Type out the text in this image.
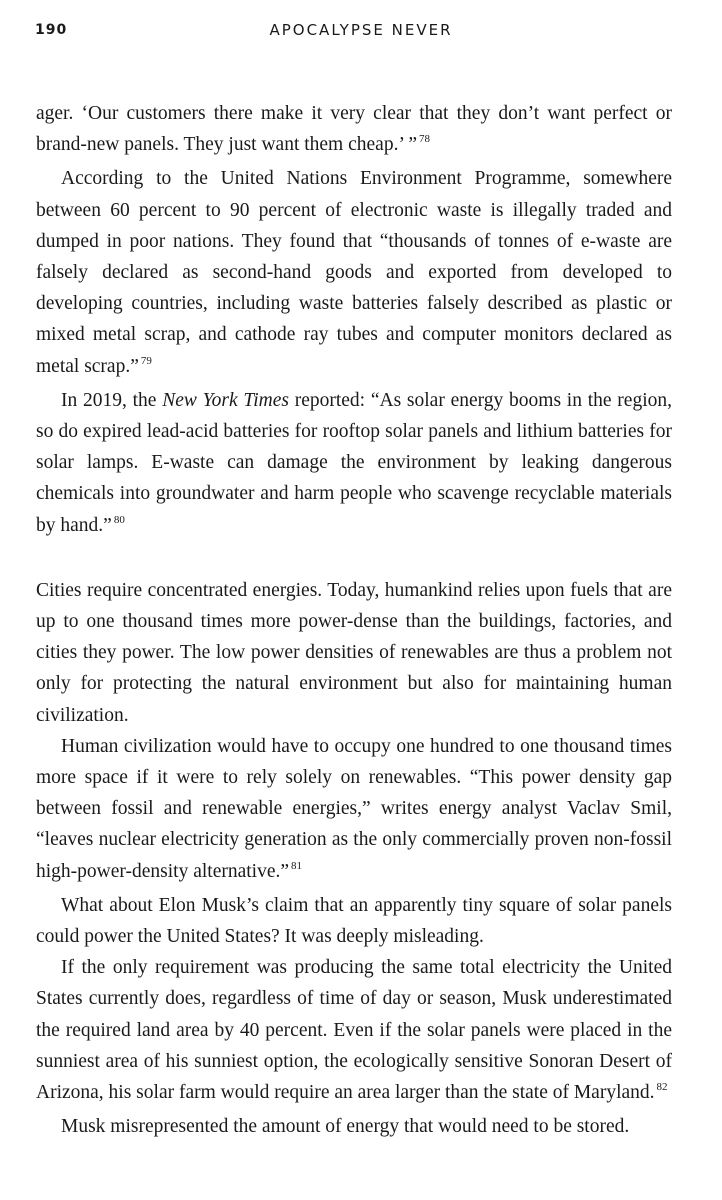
190	APOCALYPSE NEVER

ager. ‘Our customers there make it very clear that they don’t want perfect or brand-new panels. They just want them cheap.’ ” $^{78}$

According to the United Nations Environment Programme, somewhere between 60 percent to 90 percent of electronic waste is illegally traded and dumped in poor nations. They found that “thousands of tonnes of e-waste are falsely declared as second-hand goods and exported from developed to developing countries, including waste batteries falsely described as plastic or mixed metal scrap, and cathode ray tubes and computer monitors declared as metal scrap.” $^{79}$

In 2019, the New York Times reported: “As solar energy booms in the region, so do expired lead-acid batteries for rooftop solar panels and lithium batteries for solar lamps. E-waste can damage the environment by leaking dangerous chemicals into groundwater and harm people who scavenge recyclable materials by hand.” $^{80}$

Cities require concentrated energies. Today, humankind relies upon fuels that are up to one thousand times more power-dense than the buildings, factories, and cities they power. The low power densities of renewables are thus a problem not only for protecting the natural environment but also for maintaining human civilization.

Human civilization would have to occupy one hundred to one thousand times more space if it were to rely solely on renewables. “This power density gap between fossil and renewable energies,” writes energy analyst Vaclav Smil, “leaves nuclear electricity generation as the only commercially proven non-fossil high-power-density alternative.” $^{81}$

What about Elon Musk’s claim that an apparently tiny square of solar panels could power the United States? It was deeply misleading.

If the only requirement was producing the same total electricity the United States currently does, regardless of time of day or season, Musk underestimated the required land area by 40 percent. Even if the solar panels were placed in the sunniest area of his sunniest option, the ecologically sensitive Sonoran Desert of Arizona, his solar farm would require an area larger than the state of Maryland. $^{82}$

Musk misrepresented the amount of energy that would need to be stored.
